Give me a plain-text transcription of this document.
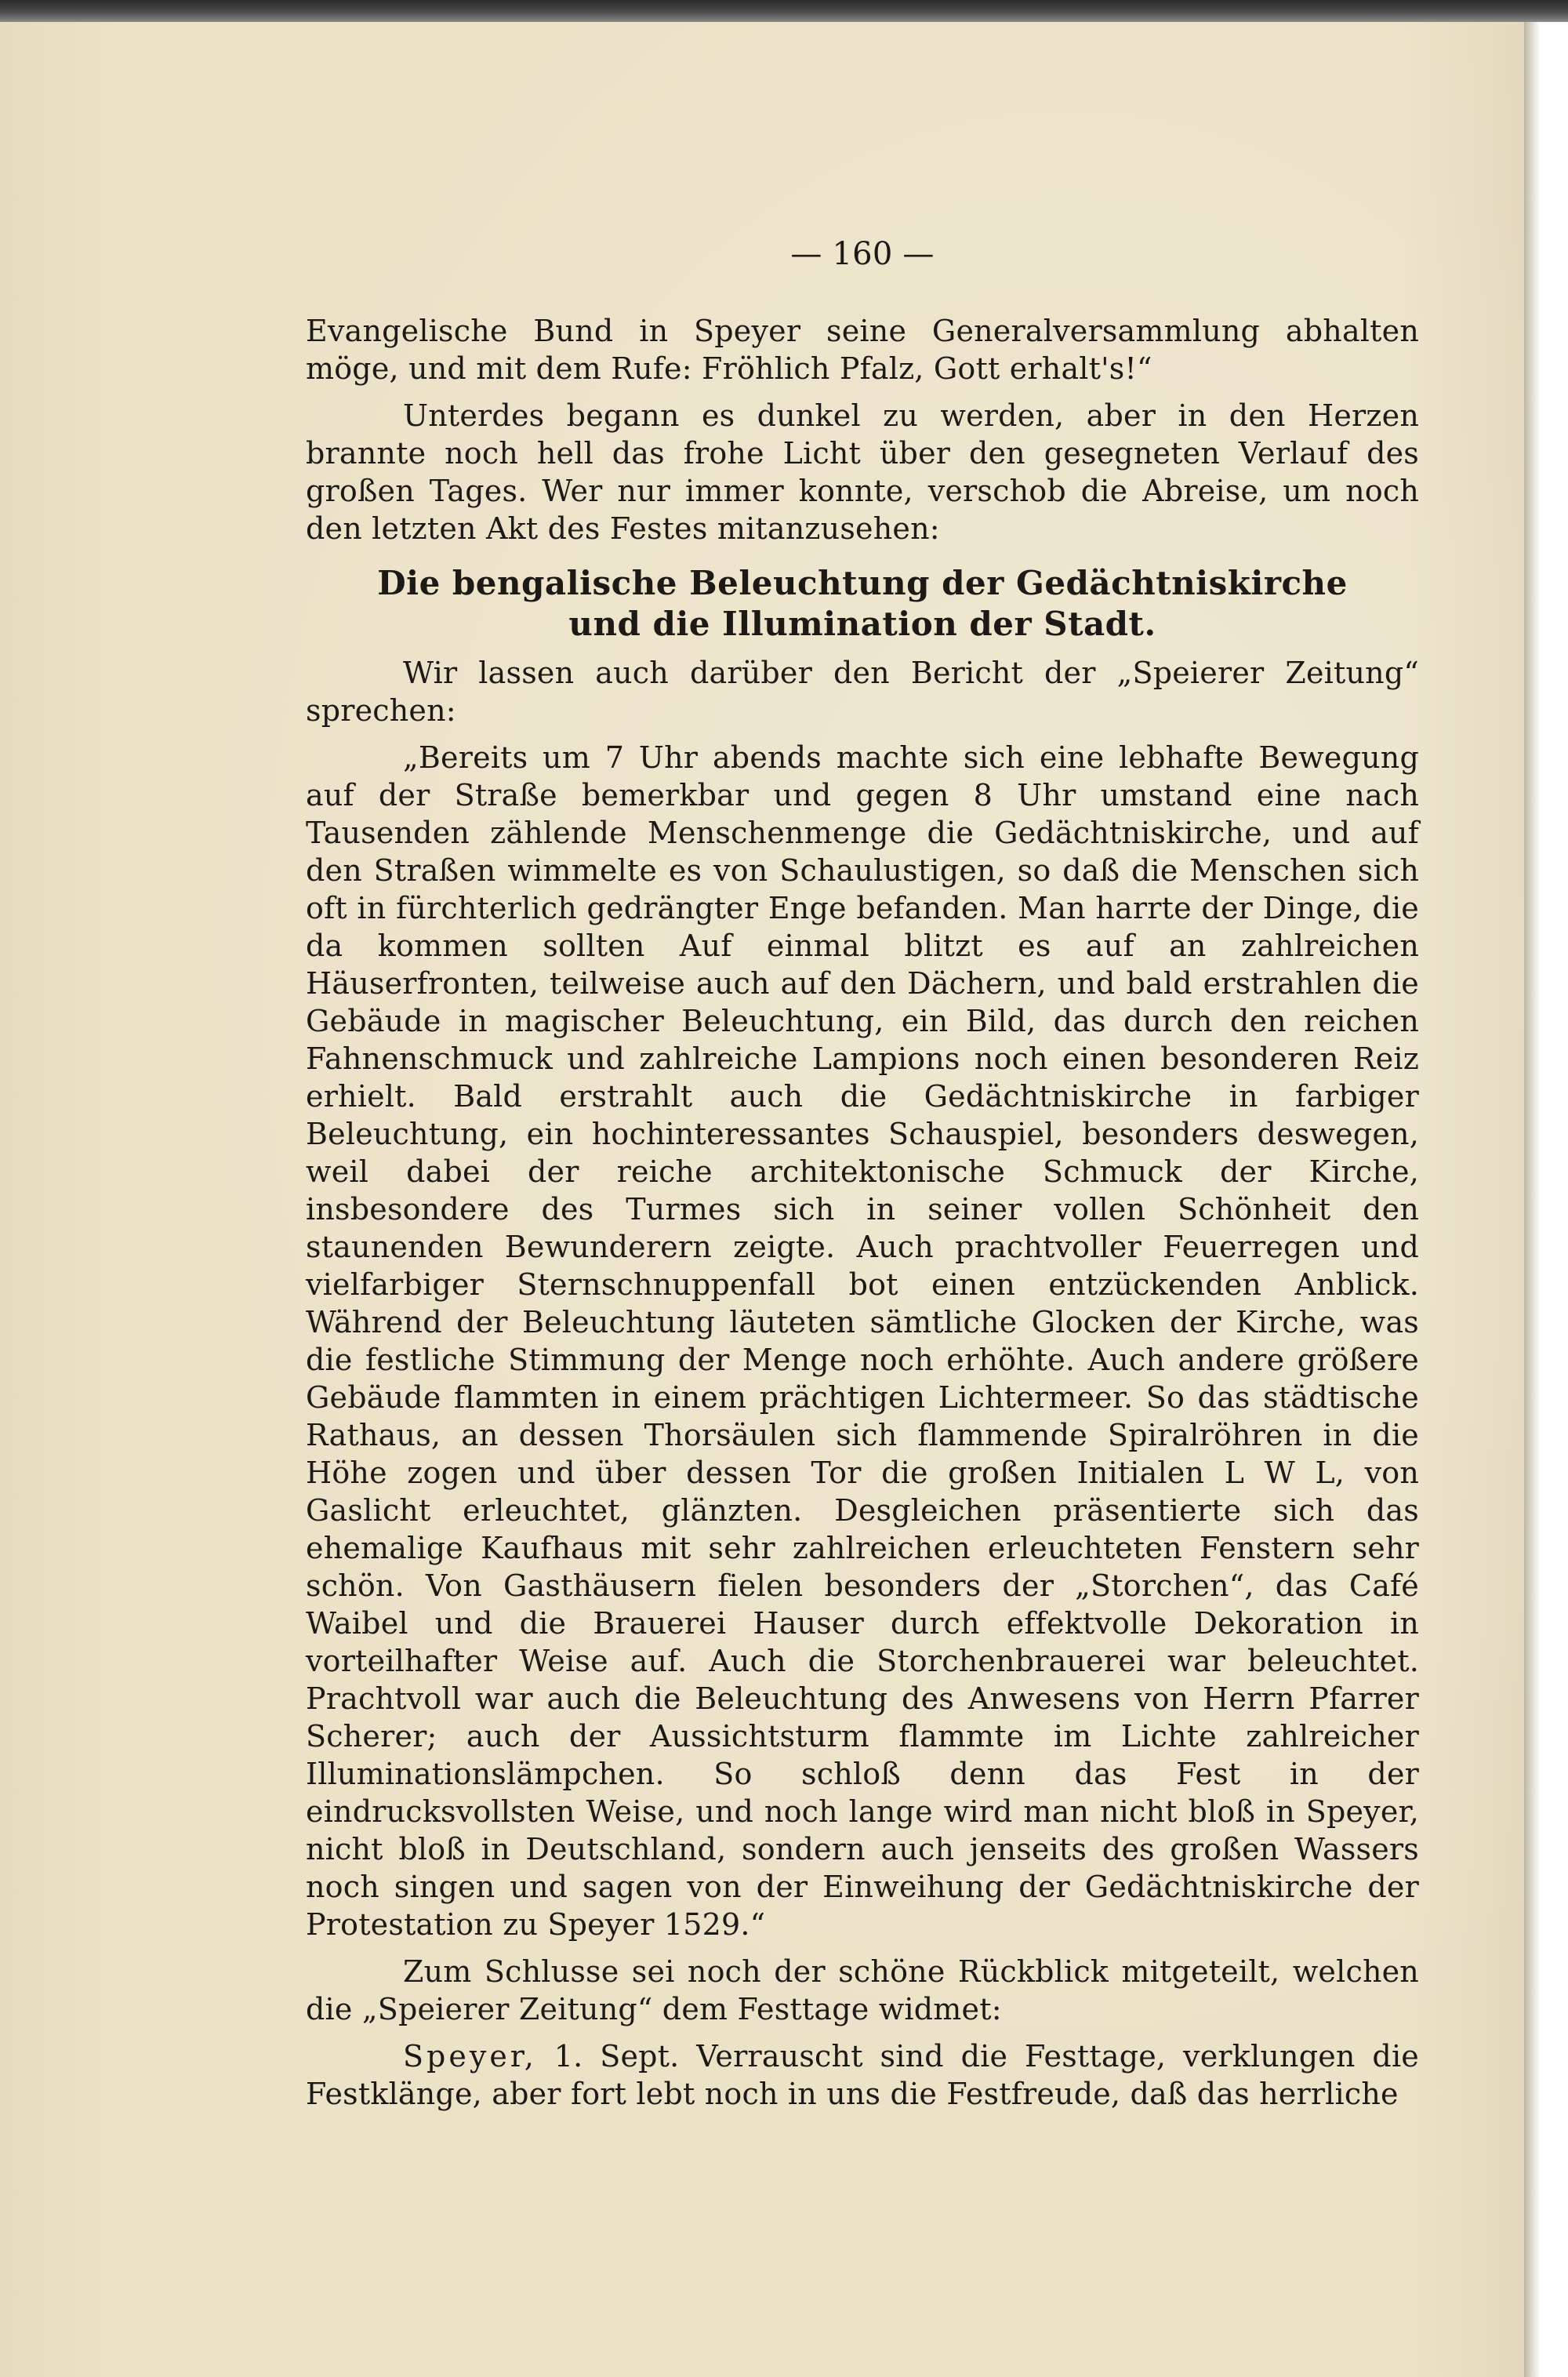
— 160 —

Evangelische Bund in Speyer seine Generalversammlung abhalten möge, und mit dem Rufe: Fröhlich Pfalz, Gott erhalt's!“

Unterdes begann es dunkel zu werden, aber in den Herzen brannte noch hell das frohe Licht über den gesegneten Verlauf des großen Tages. Wer nur immer konnte, verschob die Abreise, um noch den letzten Akt des Festes mitanzusehen:

Die bengalische Beleuchtung der Gedächtniskirche
und die Illumination der Stadt.

Wir lassen auch darüber den Bericht der „Speierer Zeitung“ sprechen:

„Bereits um 7 Uhr abends machte sich eine lebhafte Bewegung auf der Straße bemerkbar und gegen 8 Uhr umstand eine nach Tausenden zählende Menschenmenge die Gedächtniskirche, und auf den Straßen wimmelte es von Schaulustigen, so daß die Menschen sich oft in fürchterlich gedrängter Enge befanden. Man harrte der Dinge, die da kommen sollten Auf einmal blitzt es auf an zahlreichen Häuserfronten, teilweise auch auf den Dächern, und bald erstrahlen die Gebäude in magischer Beleuchtung, ein Bild, das durch den reichen Fahnenschmuck und zahlreiche Lampions noch einen besonderen Reiz erhielt. Bald erstrahlt auch die Gedächtniskirche in farbiger Beleuchtung, ein hochinteressantes Schauspiel, besonders deswegen, weil dabei der reiche architektonische Schmuck der Kirche, insbesondere des Turmes sich in seiner vollen Schönheit den staunenden Bewunderern zeigte. Auch prachtvoller Feuerregen und vielfarbiger Sternschnuppenfall bot einen entzückenden Anblick. Während der Beleuchtung läuteten sämtliche Glocken der Kirche, was die festliche Stimmung der Menge noch erhöhte. Auch andere größere Gebäude flammten in einem prächtigen Lichtermeer. So das städtische Rathaus, an dessen Thorsäulen sich flammende Spiralröhren in die Höhe zogen und über dessen Tor die großen Initialen L W L, von Gaslicht erleuchtet, glänzten. Desgleichen präsentierte sich das ehemalige Kaufhaus mit sehr zahlreichen erleuchteten Fenstern sehr schön. Von Gasthäusern fielen besonders der „Storchen“, das Café Waibel und die Brauerei Hauser durch effektvolle Dekoration in vorteilhafter Weise auf. Auch die Storchenbrauerei war beleuchtet. Prachtvoll war auch die Beleuchtung des Anwesens von Herrn Pfarrer Scherer; auch der Aussichtsturm flammte im Lichte zahlreicher Illuminationslämpchen. So schloß denn das Fest in der eindrucksvollsten Weise, und noch lange wird man nicht bloß in Speyer, nicht bloß in Deutschland, sondern auch jenseits des großen Wassers noch singen und sagen von der Einweihung der Gedächtniskirche der Protestation zu Speyer 1529.“

Zum Schlusse sei noch der schöne Rückblick mitgeteilt, welchen die „Speierer Zeitung“ dem Festtage widmet:

Speyer, 1. Sept. Verrauscht sind die Festtage, verklungen die Festklänge, aber fort lebt noch in uns die Festfreude, daß das herrliche
